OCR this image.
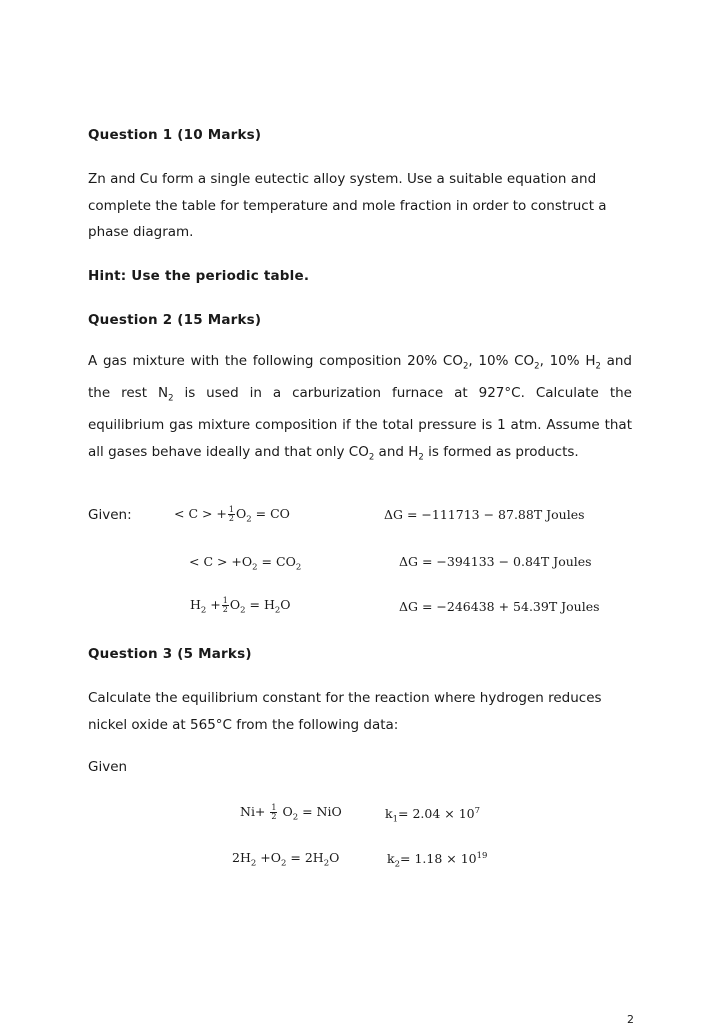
Question 1 (10 Marks)
Zn and Cu form a single eutectic alloy system. Use a suitable equation and complete the table for temperature and mole fraction in order to construct a phase diagram.
Hint: Use the periodic table.
Question 2 (15 Marks)
A gas mixture with the following composition 20% $CO_2$, 10% $CO_2$, 10% $H_2$ and the rest $N_2$ is used in a carburization furnace at 927°C. Calculate the equilibrium gas mixture composition if the total pressure is 1 atm. Assume that all gases behave ideally and that only $CO_2$ and $H_2$ is formed as products.
Given:	< C > + $\frac{1}{2} O_2$ = CO	ΔG = −111713 − 87.88T Joules
< $C > +O_2 = CO_2$	ΔG = −394133 − 0.84T Joules
$H_2 + \frac{1}{2} O_2 = H_2O$	ΔG = −246438 + 54.39T Joules
Question 3 (5 Marks)
Calculate the equilibrium constant for the reaction where hydrogen reduces nickel oxide at 565°C from the following data:
Given
$Ni+ \frac{1}{2} O_2$ = NiO	$k_1= 2.04 \times 10^7$
$2H_2 +O_2 = 2H_2O$	$k_2= 1.18 \times 10^{19}$
2
